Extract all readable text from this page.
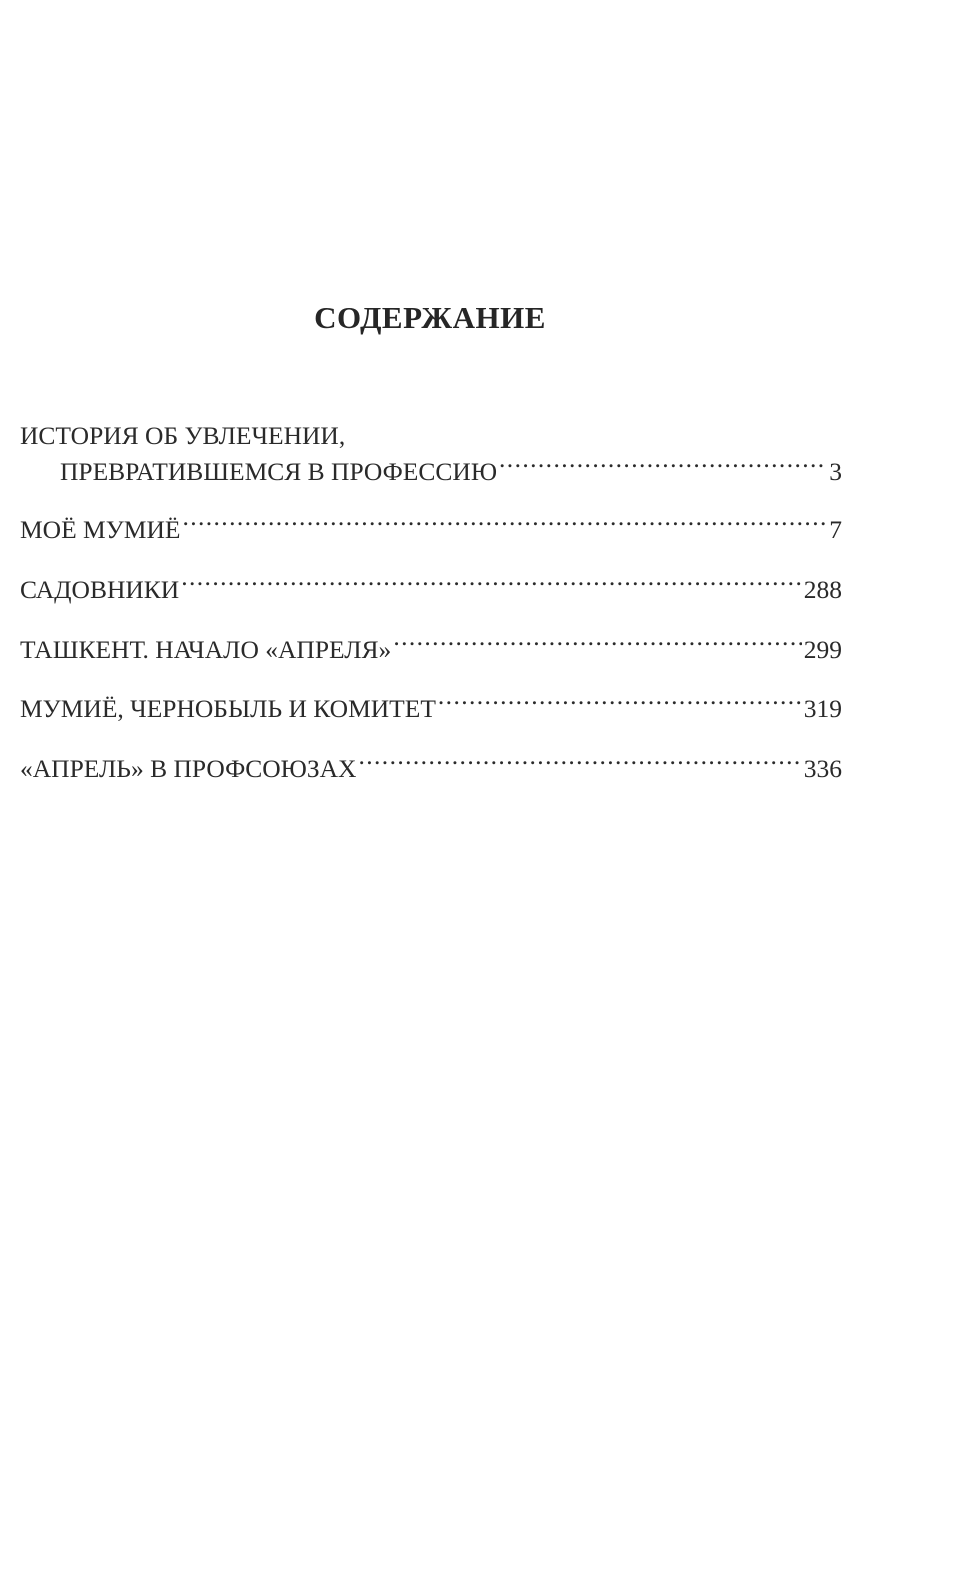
СОДЕРЖАНИЕ
ИСТОРИЯ ОБ УВЛЕЧЕНИИ,
ПРЕВРАТИВШЕМСЯ В ПРОФЕССИЮ .....	3
МОЁ МУМИЁ .....	7
САДОВНИКИ .....	288
ТАШКЕНТ. НАЧАЛО «АПРЕЛЯ» .....	299
МУМИЁ, ЧЕРНОБЫЛЬ И КОМИТЕТ .....	319
«АПРЕЛЬ» В ПРОФСОЮЗАХ .....	336
